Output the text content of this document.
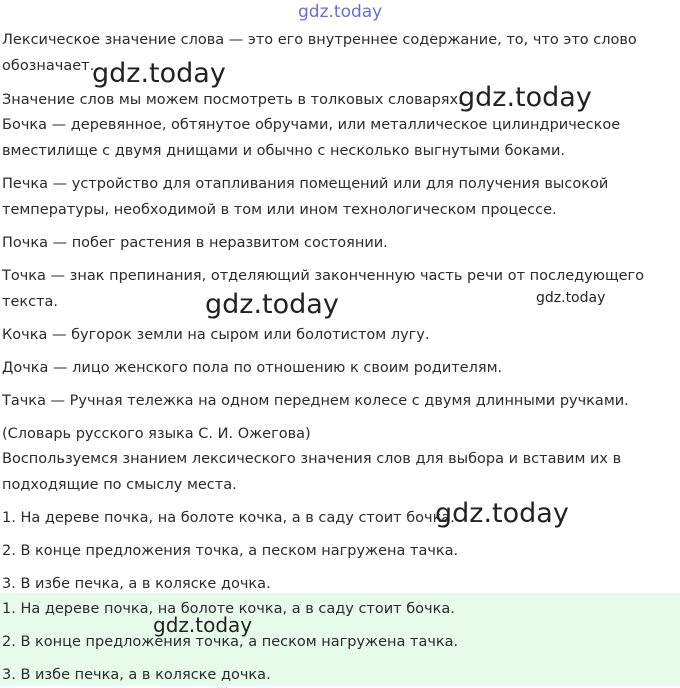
Лексическое значение слова — это его внутреннее содержание, то, что это слово
обозначает.
Значение слов мы можем посмотреть в толковых словарях.
Бочка — деревянное, обтянутое обручами, или металлическое цилиндрическое
вместилище с двумя днищами и обычно с несколько выгнутыми боками.
Печка — устройство для отапливания помещений или для получения высокой
температуры, необходимой в том или ином технологическом процессе.
Почка — побег растения в неразвитом состоянии.
Точка — знак препинания, отделяющий законченную часть речи от последующего
текста.
Кочка — бугорок земли на сыром или болотистом лугу.
Дочка — лицо женского пола по отношению к своим родителям.
Тачка — Ручная тележка на одном переднем колесе с двумя длинными ручками.
(Словарь русского языка С. И. Ожегова)
Воспользуемся знанием лексического значения слов для выбора и вставим их в
подходящие по смыслу места.
1. На дереве почка, на болоте кочка, а в саду стоит бочка.
2. В конце предложения точка, а песком нагружена тачка.
3. В избе печка, а в коляске дочка.
1. На дереве почка, на болоте кочка, а в саду стоит бочка.
2. В конце предложения точка, а песком нагружена тачка.
3. В избе печка, а в коляске дочка.
gdz.today
gdz.today
gdz.today
gdz.today	gdz.today
gdz.today
gdz.today
